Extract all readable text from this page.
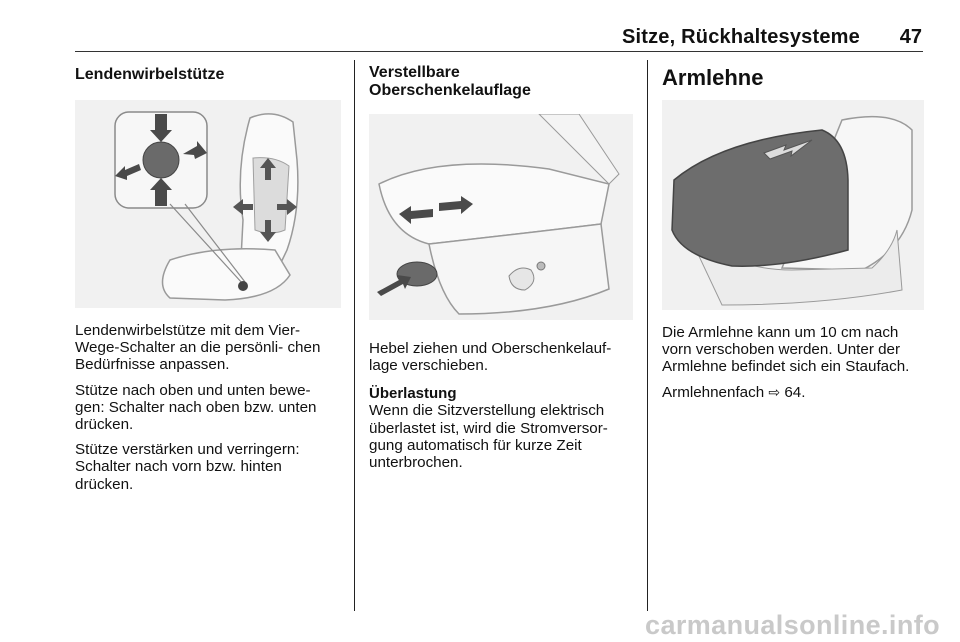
Sitze, Rückhaltesysteme	47
Lendenwirbelstütze

Lendenwirbelstütze mit dem Vier-Wege-Schalter an die persönli- chen Bedürfnisse anpassen.

Stütze nach oben und unten bewe- gen: Schalter nach oben bzw. unten drücken.

Stütze verstärken und verringern: Schalter nach vorn bzw. hinten drücken.

Verstellbare
Oberschenkelauflage

Hebel ziehen und Oberschenkelauf- lage verschieben.

Überlastung

Wenn die Sitzverstellung elektrisch überlastet ist, wird die Stromversor- gung automatisch für kurze Zeit unterbrochen.

Armlehne

Die Armlehne kann um 10 cm nach vorn verschoben werden. Unter der Armlehne befindet sich ein Staufach.

Armlehnenfach ⇨ 64.

carmanualsonline.info
